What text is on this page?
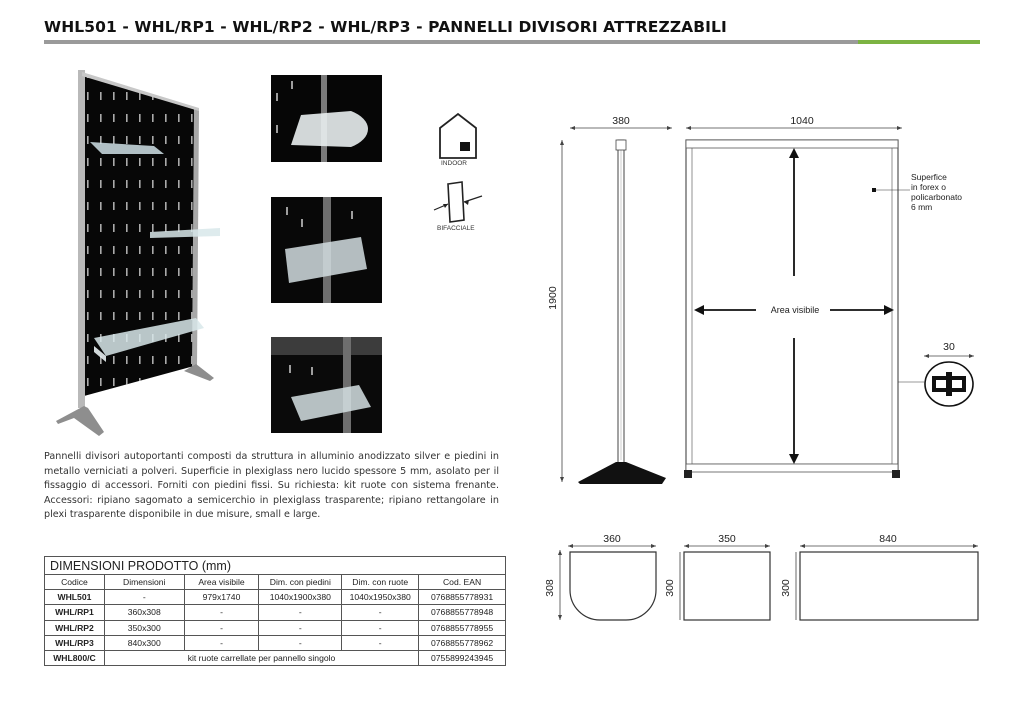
WHL501 - WHL/RP1 - WHL/RP2 - WHL/RP3 - PANNELLI DIVISORI ATTREZZABILI
INDOOR
BIFACCIALE
380	1040
1900
Area visibile
Superfice
in forex o
policarbonato
6 mm
30
360
308
350
300
840
300
Pannelli divisori autoportanti composti da struttura in alluminio anodizzato silver e piedini in metallo verniciati a polveri. Superficie in plexiglass nero lucido spessore 5 mm, asolato per il fissaggio di accessori. Forniti con piedini fissi. Su richiesta: kit ruote con sistema frenante. Accessori: ripiano sagomato a semicerchio in plexiglass trasparente; ripiano rettangolare in plexi trasparente disponibile in due misure, small e large.
DIMENSIONI PRODOTTO (mm)
Codice	Dimensioni	Area visibile	Dim. con piedini	Dim. con ruote	Cod. EAN
WHL501	-	979x1740	1040x1900x380	1040x1950x380	0768855778931
WHL/RP1	360x308	-	-	-	0768855778948
WHL/RP2	350x300	-	-	-	0768855778955
WHL/RP3	840x300	-	-	-	0768855778962
WHL800/C	kit ruote carrellate per pannello singolo				0755899243945
